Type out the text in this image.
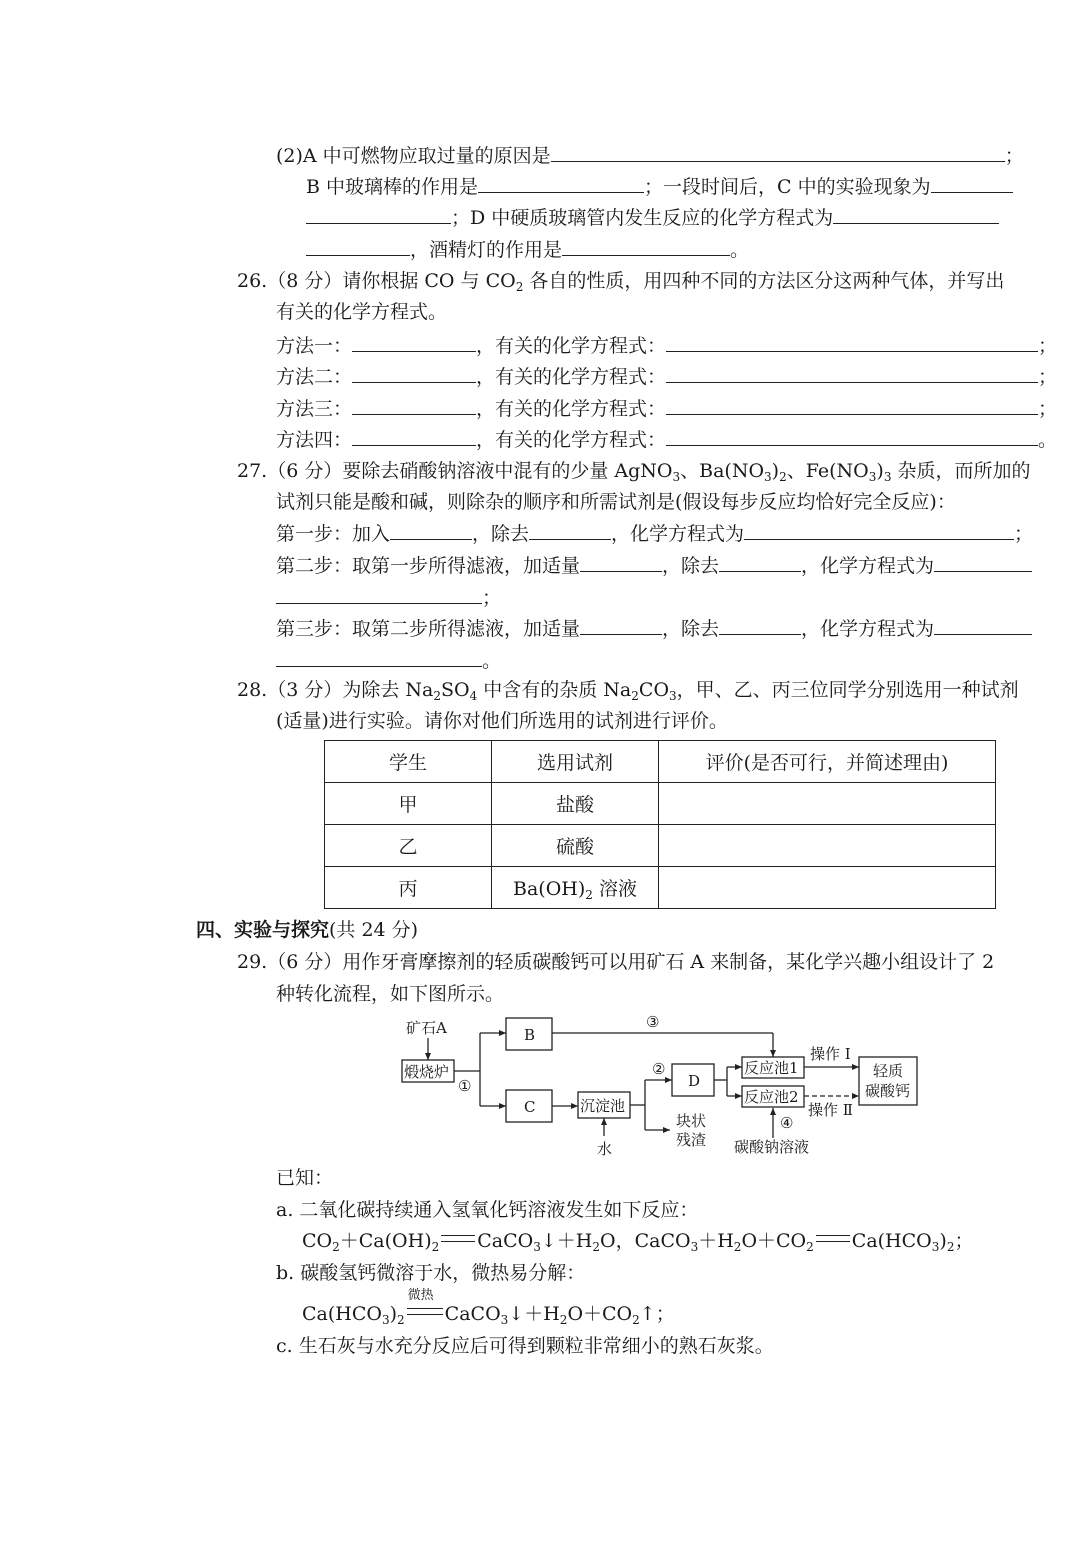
(2)A 中可燃物应取过量的原因是	；
B 中玻璃棒的作用是	；一段时间后，C 中的实验现象为
；D 中硬质玻璃管内发生反应的化学方程式为
，酒精灯的作用是	。
26.（8 分）请你根据 CO 与 $CO_2$ 各自的性质，用四种不同的方法区分这两种气体，并写出
有关的化学方程式。
方法一：	，有关的化学方程式：	；
方法二：	，有关的化学方程式：	；
方法三：	，有关的化学方程式：	；
方法四：	，有关的化学方程式：	。
27.（6 分）要除去硝酸钠溶液中混有的少量 AgNO$_3$、$Ba(NO_3)_2$、$Fe(NO_3)_3$ 杂质，而所加的
试剂只能是酸和碱，则除杂的顺序和所需试剂是(假设每步反应均恰好完全反应)：
第一步：加入	，除去	，化学方程式为	；
第二步：取第一步所得滤液，加适量	，除去	，化学方程式为
；
第三步：取第二步所得滤液，加适量	，除去	，化学方程式为
。
28.（3 分）为除去 $Na_2SO_4$ 中含有的杂质 $Na_2CO_3$，甲、乙、丙三位同学分别选用一种试剂
(适量)进行实验。请你对他们所选用的试剂进行评价。
学生	选用试剂	评价(是否可行，并简述理由)
甲	盐酸	
乙	硫酸	
丙	$Ba(OH)_2$ 溶液	
四、实验与探究(共 24 分)
29.（6 分）用作牙膏摩擦剂的轻质碳酸钙可以用矿石 A 来制备，某化学兴趣小组设计了 2
种转化流程，如下图所示。
矿石A
煅烧炉
①
B
C
③
沉淀池
水
②
D
块状
残渣
反应池1
反应池2
④
碳酸钠溶液
操作 Ⅰ
操作 Ⅱ
轻质
碳酸钙
已知：
a. 二氧化碳持续通入氢氧化钙溶液发生如下反应：
$CO_2+Ca(OH)_2$ $CaCO_3↓+H_2O$，$CaCO_3+H_2O+CO_2$ $Ca(HCO_3)_2$；
b. 碳酸氢钙微溶于水，微热易分解：
$Ca(HCO_3)_2$
微热
$CaCO_3↓+H_2O+CO_2↑$；
c. 生石灰与水充分反应后可得到颗粒非常细小的熟石灰浆。
